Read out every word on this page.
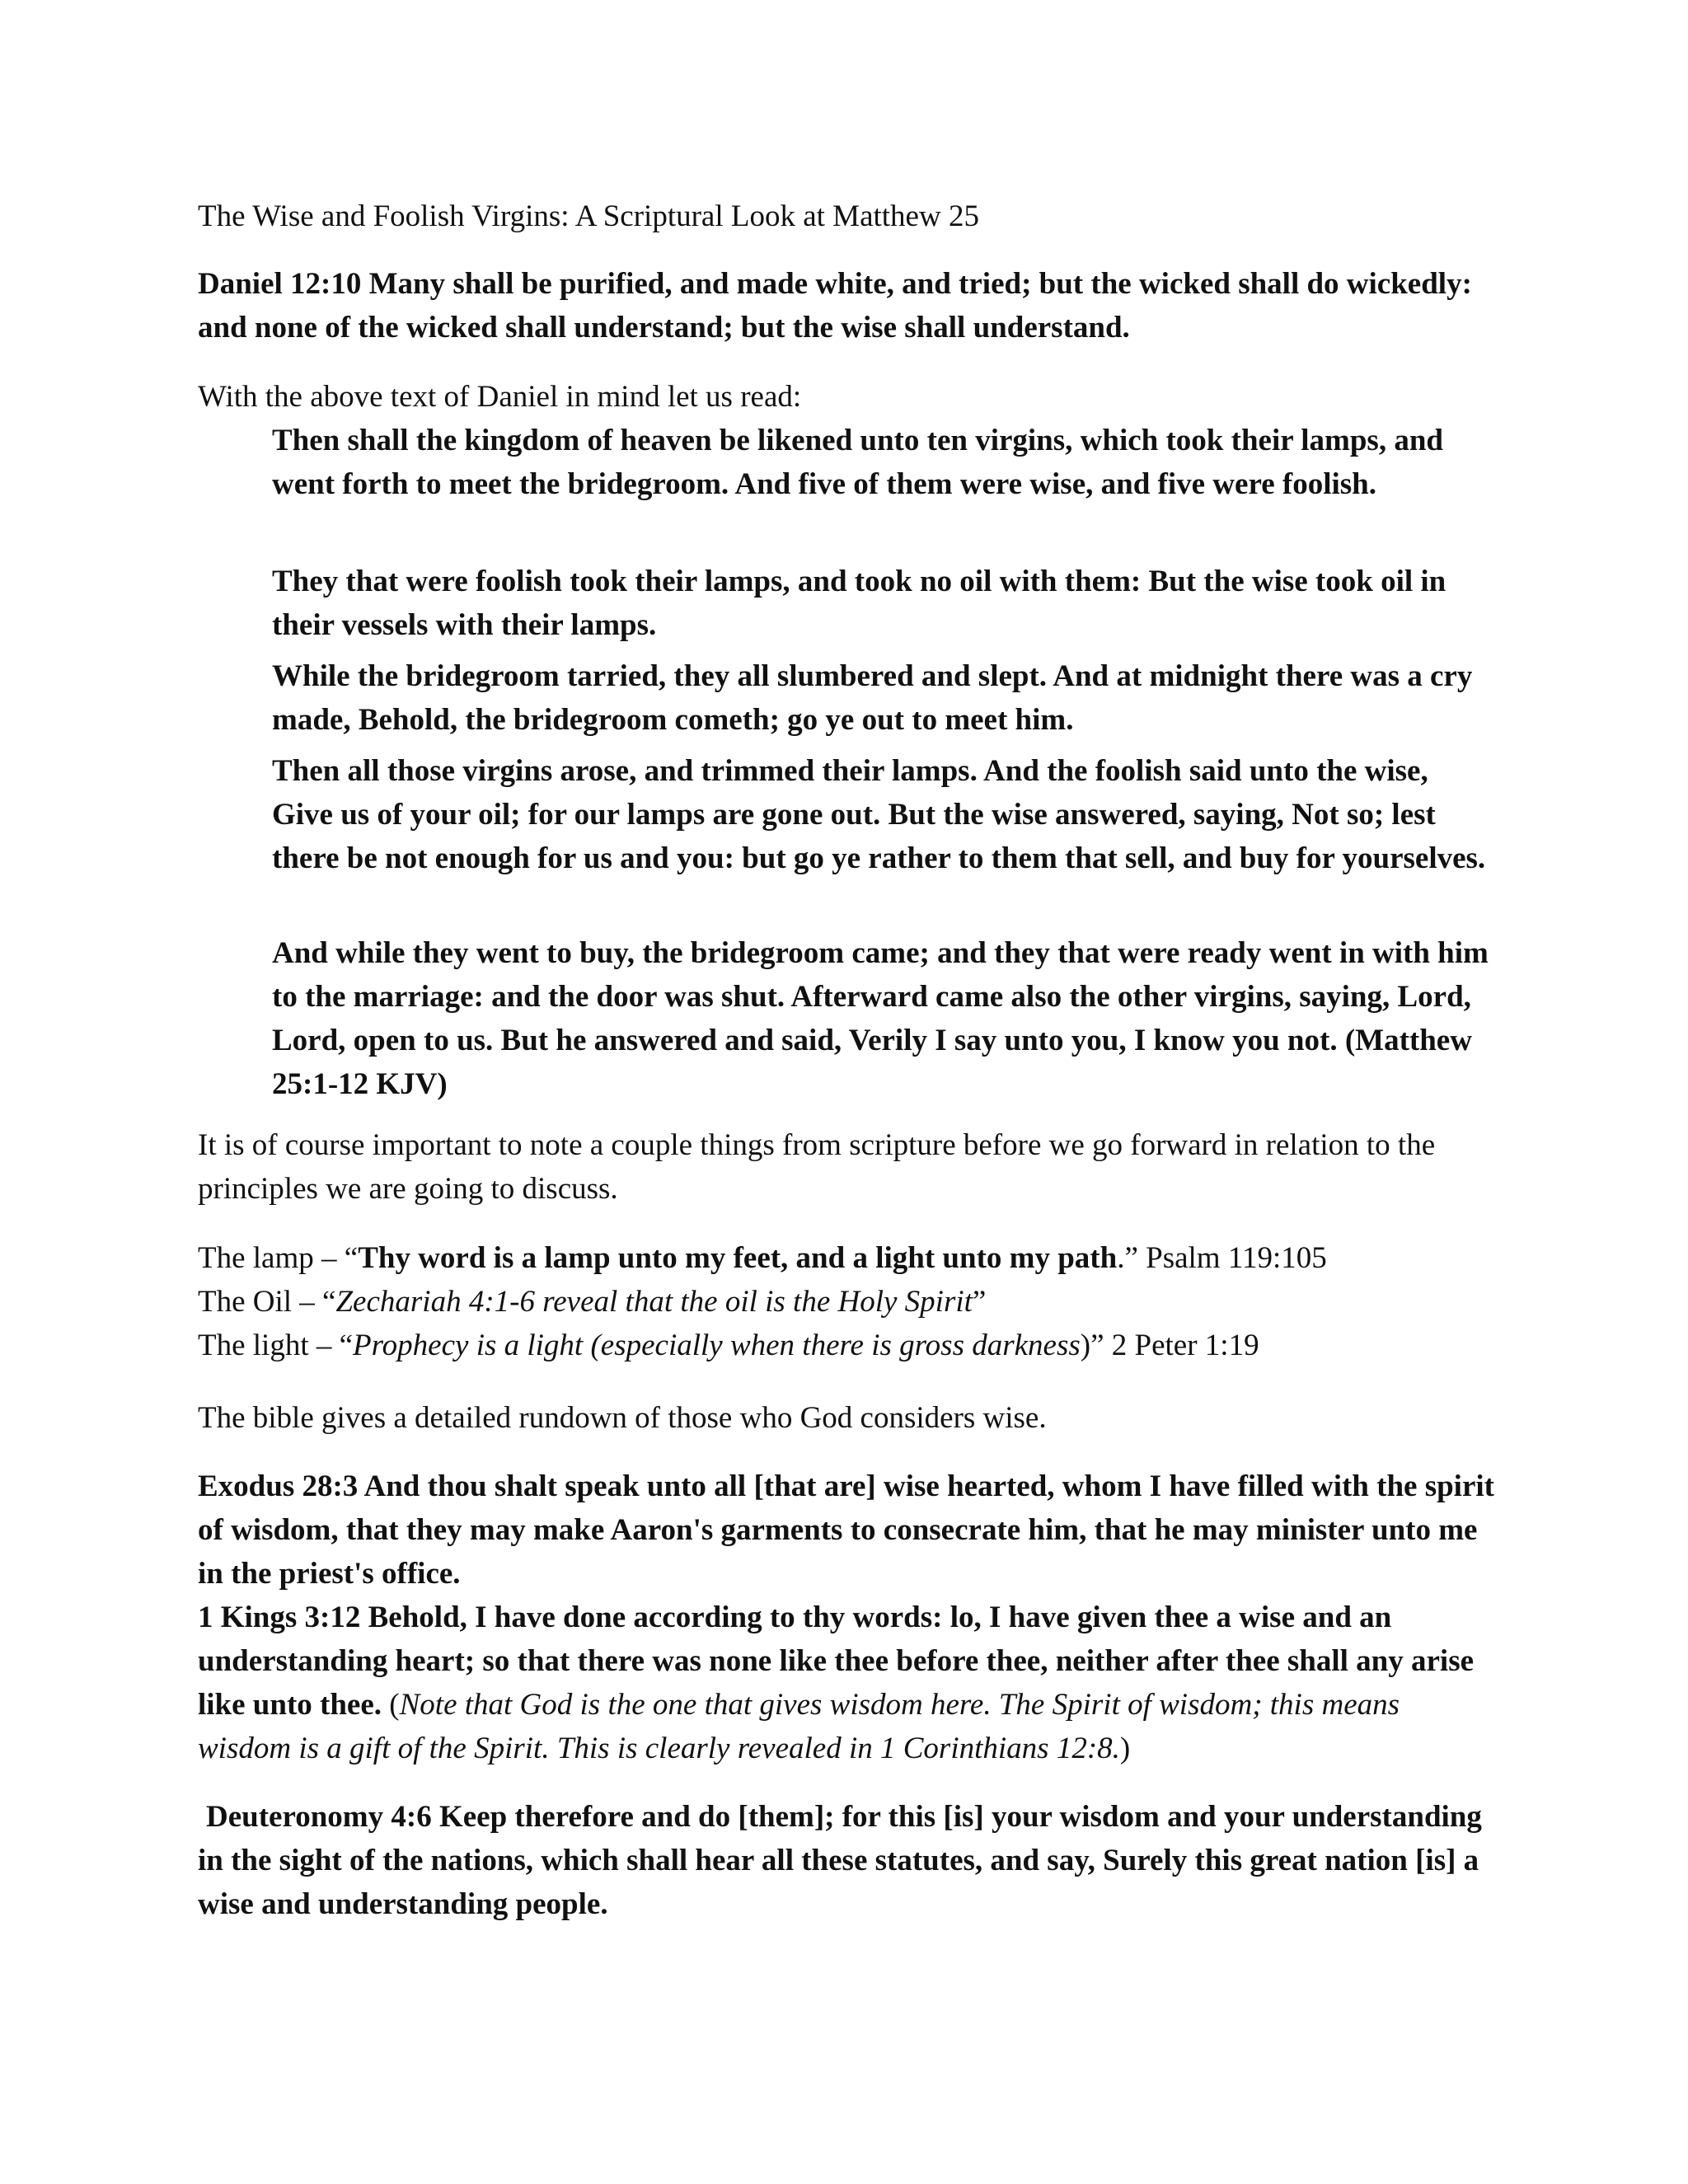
The Wise and Foolish Virgins: A Scriptural Look at Matthew 25

Daniel 12:10 Many shall be purified, and made white, and tried; but the wicked shall do wickedly: and none of the wicked shall understand; but the wise shall understand.

With the above text of Daniel in mind let us read:

Then shall the kingdom of heaven be likened unto ten virgins, which took their lamps, and went forth to meet the bridegroom. And five of them were wise, and five were foolish.

They that were foolish took their lamps, and took no oil with them: But the wise took oil in their vessels with their lamps.

While the bridegroom tarried, they all slumbered and slept. And at midnight there was a cry made, Behold, the bridegroom cometh; go ye out to meet him.

Then all those virgins arose, and trimmed their lamps. And the foolish said unto the wise, Give us of your oil; for our lamps are gone out. But the wise answered, saying, Not so; lest there be not enough for us and you: but go ye rather to them that sell, and buy for yourselves.

And while they went to buy, the bridegroom came; and they that were ready went in with him to the marriage: and the door was shut. Afterward came also the other virgins, saying, Lord, Lord, open to us. But he answered and said, Verily I say unto you, I know you not. (Matthew 25:1-12 KJV)

It is of course important to note a couple things from scripture before we go forward in relation to the principles we are going to discuss.

The lamp – “Thy word is a lamp unto my feet, and a light unto my path.” Psalm 119:105
The Oil – “Zechariah 4:1-6 reveal that the oil is the Holy Spirit”
The light – “Prophecy is a light (especially when there is gross darkness)” 2 Peter 1:19

The bible gives a detailed rundown of those who God considers wise.

Exodus 28:3 And thou shalt speak unto all [that are] wise hearted, whom I have filled with the spirit of wisdom, that they may make Aaron's garments to consecrate him, that he may minister unto me in the priest's office.

1 Kings 3:12 Behold, I have done according to thy words: lo, I have given thee a wise and an understanding heart; so that there was none like thee before thee, neither after thee shall any arise like unto thee. (Note that God is the one that gives wisdom here. The Spirit of wisdom; this means wisdom is a gift of the Spirit. This is clearly revealed in 1 Corinthians 12:8.)

Deuteronomy 4:6 Keep therefore and do [them]; for this [is] your wisdom and your understanding in the sight of the nations, which shall hear all these statutes, and say, Surely this great nation [is] a wise and understanding people.
